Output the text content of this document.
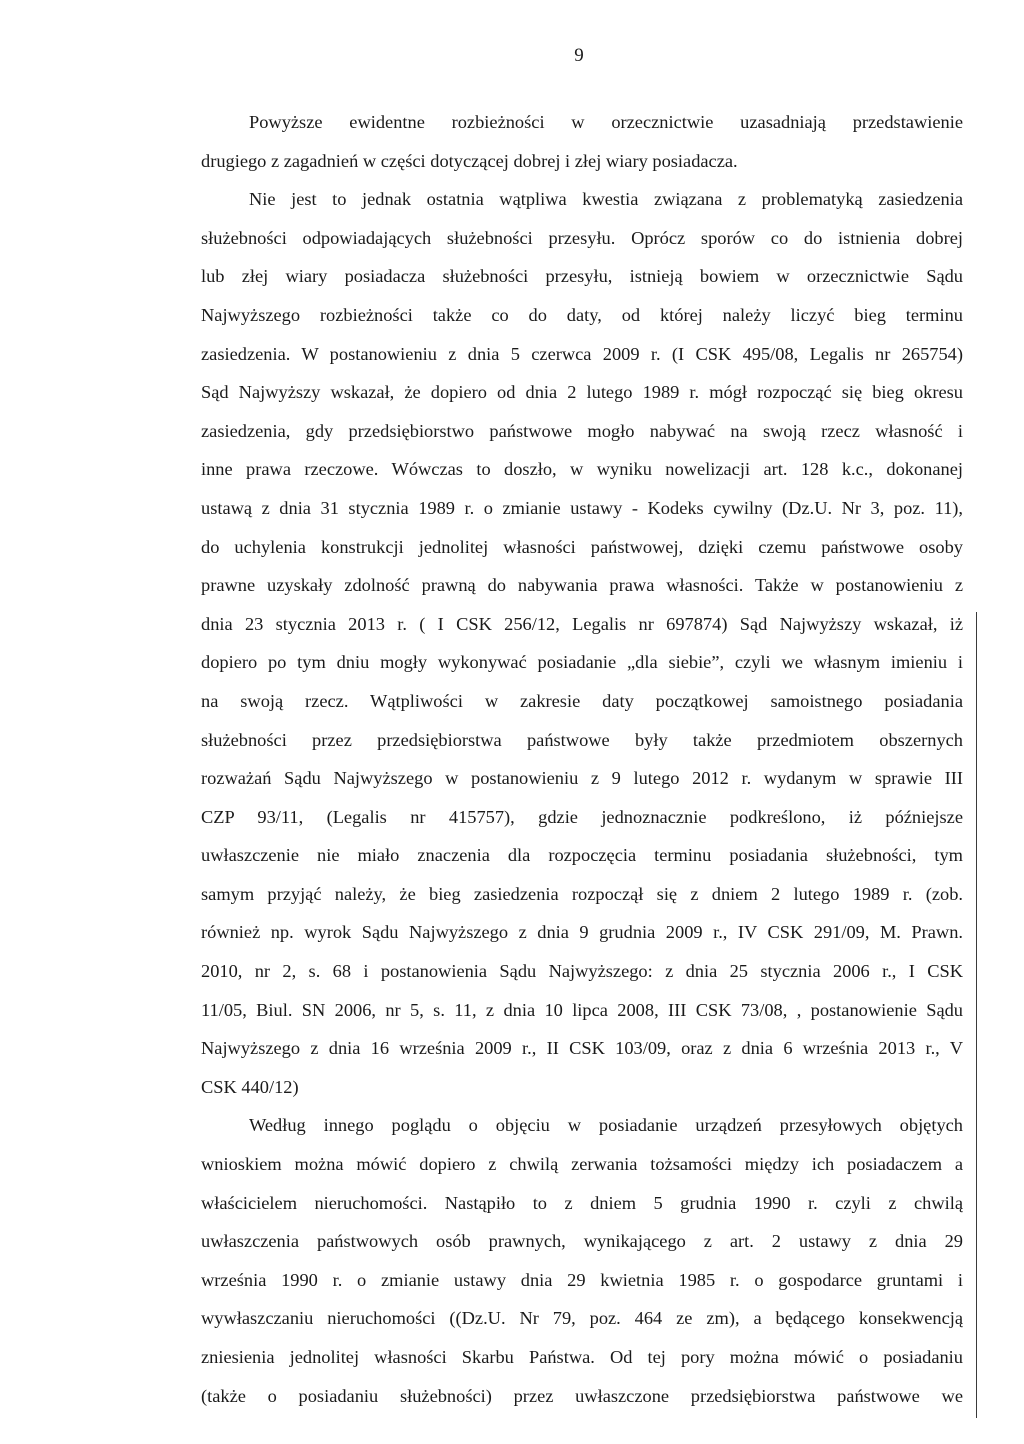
9
Powyższe ewidentne rozbieżności w orzecznictwie uzasadniają przedstawienie
drugiego z zagadnień w części dotyczącej dobrej i złej wiary posiadacza.
Nie jest to jednak ostatnia wątpliwa kwestia związana z problematyką zasiedzenia
służebności odpowiadających służebności przesyłu. Oprócz sporów co do istnienia dobrej
lub złej wiary posiadacza służebności przesyłu, istnieją bowiem w orzecznictwie Sądu
Najwyższego rozbieżności także co do daty, od której należy liczyć bieg terminu
zasiedzenia. W postanowieniu z dnia 5 czerwca 2009 r. (I CSK 495/08, Legalis nr 265754)
Sąd Najwyższy wskazał, że dopiero od dnia 2 lutego 1989 r. mógł rozpocząć się bieg okresu
zasiedzenia, gdy przedsiębiorstwo państwowe mogło nabywać na swoją rzecz własność i
inne prawa rzeczowe. Wówczas to doszło, w wyniku nowelizacji art. 128 k.c., dokonanej
ustawą z dnia 31 stycznia 1989 r. o zmianie ustawy - Kodeks cywilny (Dz.U. Nr 3, poz. 11),
do uchylenia konstrukcji jednolitej własności państwowej, dzięki czemu państwowe osoby
prawne uzyskały zdolność prawną do nabywania prawa własności. Także w postanowieniu z
dnia 23 stycznia 2013 r. ( I CSK 256/12, Legalis nr 697874) Sąd Najwyższy wskazał, iż
dopiero po tym dniu mogły wykonywać posiadanie „dla siebie”, czyli we własnym imieniu i
na swoją rzecz. Wątpliwości w zakresie daty początkowej samoistnego posiadania
służebności przez przedsiębiorstwa państwowe były także przedmiotem obszernych
rozważań Sądu Najwyższego w postanowieniu z 9 lutego 2012 r. wydanym w sprawie III
CZP 93/11, (Legalis nr 415757), gdzie jednoznacznie podkreślono, iż późniejsze
uwłaszczenie nie miało znaczenia dla rozpoczęcia terminu posiadania służebności, tym
samym przyjąć należy, że bieg zasiedzenia rozpoczął się z dniem 2 lutego 1989 r. (zob.
również np. wyrok Sądu Najwyższego z dnia 9 grudnia 2009 r., IV CSK 291/09, M. Prawn.
2010, nr 2, s. 68 i postanowienia Sądu Najwyższego: z dnia 25 stycznia 2006 r., I CSK
11/05, Biul. SN 2006, nr 5, s. 11, z dnia 10 lipca 2008, III CSK 73/08, , postanowienie Sądu
Najwyższego z dnia 16 września 2009 r., II CSK 103/09, oraz z dnia 6 września 2013 r., V
CSK 440/12)
Według innego poglądu o objęciu w posiadanie urządzeń przesyłowych objętych
wnioskiem można mówić dopiero z chwilą zerwania tożsamości między ich posiadaczem a
właścicielem nieruchomości. Nastąpiło to z dniem 5 grudnia 1990 r. czyli z chwilą
uwłaszczenia państwowych osób prawnych, wynikającego z art. 2 ustawy z dnia 29
września 1990 r. o zmianie ustawy dnia 29 kwietnia 1985 r. o gospodarce gruntami i
wywłaszczaniu nieruchomości ((Dz.U. Nr 79, poz. 464 ze zm), a będącego konsekwencją
zniesienia jednolitej własności Skarbu Państwa. Od tej pory można mówić o posiadaniu
(także o posiadaniu służebności) przez uwłaszczone przedsiębiorstwa państwowe we
